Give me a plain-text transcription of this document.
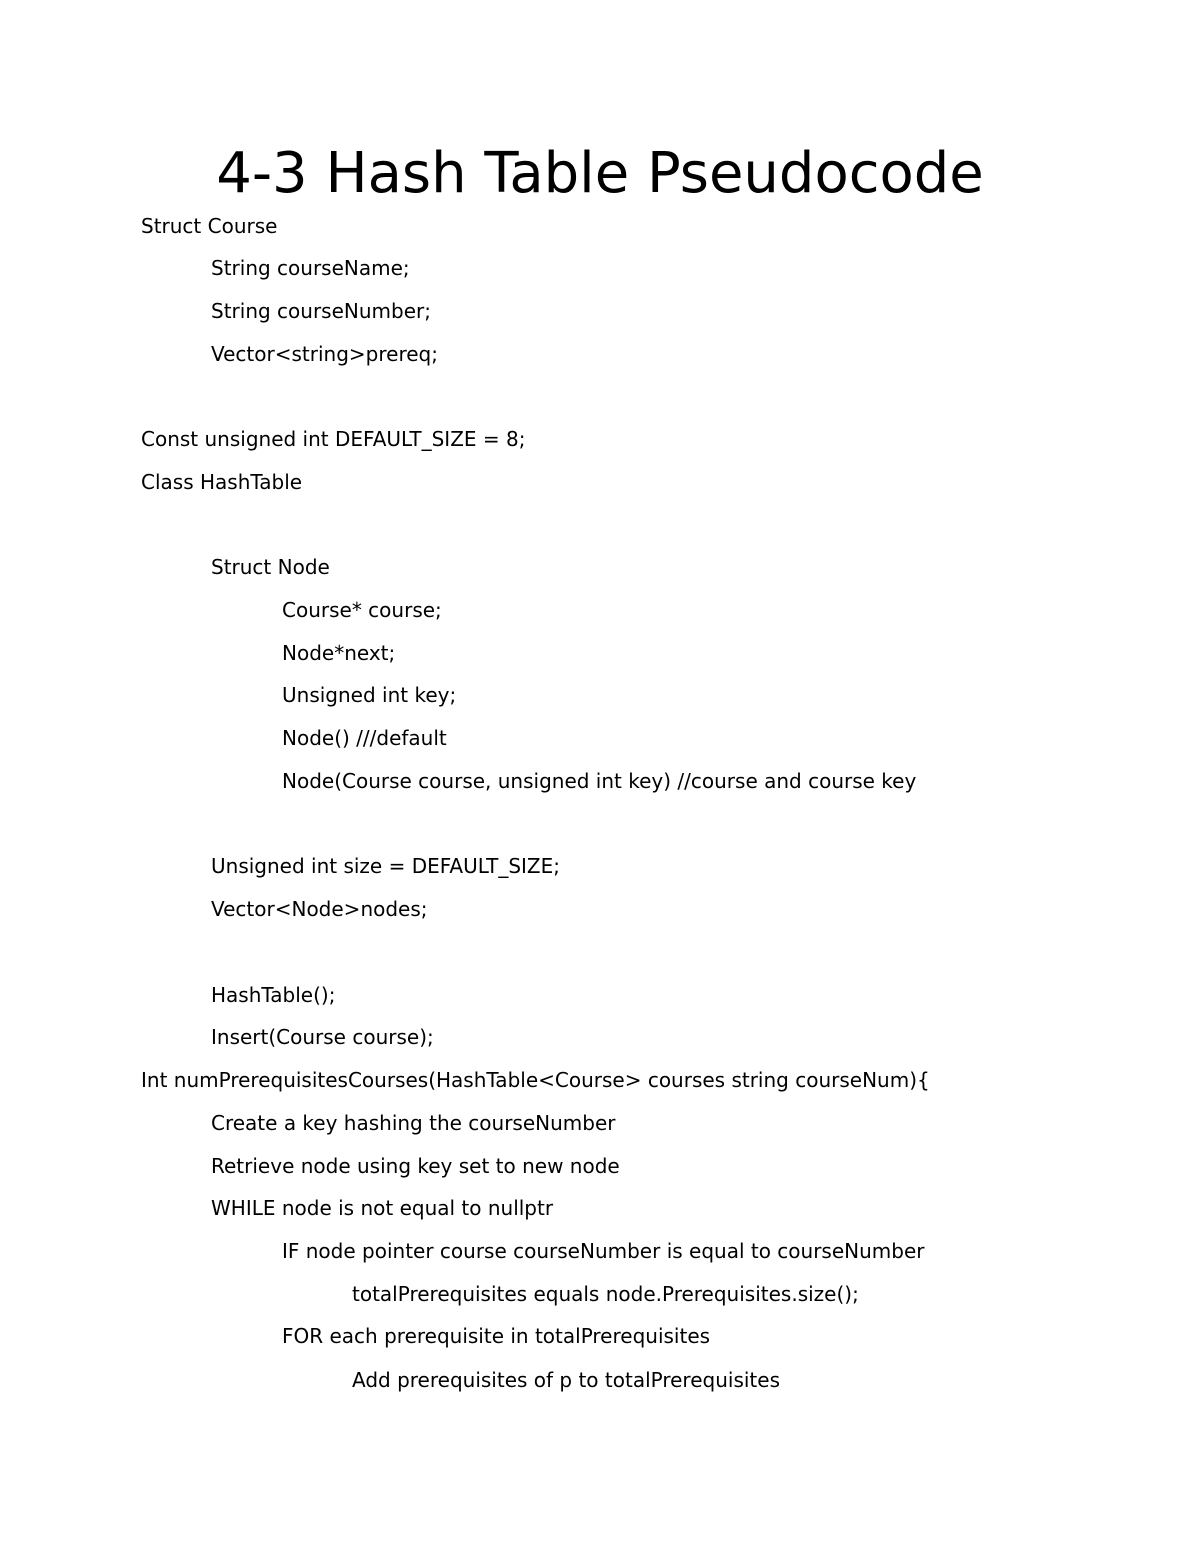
4-3 Hash Table Pseudocode
Struct Course
String courseName;
String courseNumber;
Vector<string>prereq;
Const unsigned int DEFAULT_SIZE = 8;
Class HashTable
Struct Node
Course* course;
Node*next;
Unsigned int key;
Node() ///default
Node(Course course, unsigned int key) //course and course key
Unsigned int size = DEFAULT_SIZE;
Vector<Node>nodes;
HashTable();
Insert(Course course);
Int numPrerequisitesCourses(HashTable<Course> courses string courseNum){
Create a key hashing the courseNumber
Retrieve node using key set to new node
WHILE node is not equal to nullptr
IF node pointer course courseNumber is equal to courseNumber
totalPrerequisites equals node.Prerequisites.size();
FOR each prerequisite in totalPrerequisites
Add prerequisites of p to totalPrerequisites
